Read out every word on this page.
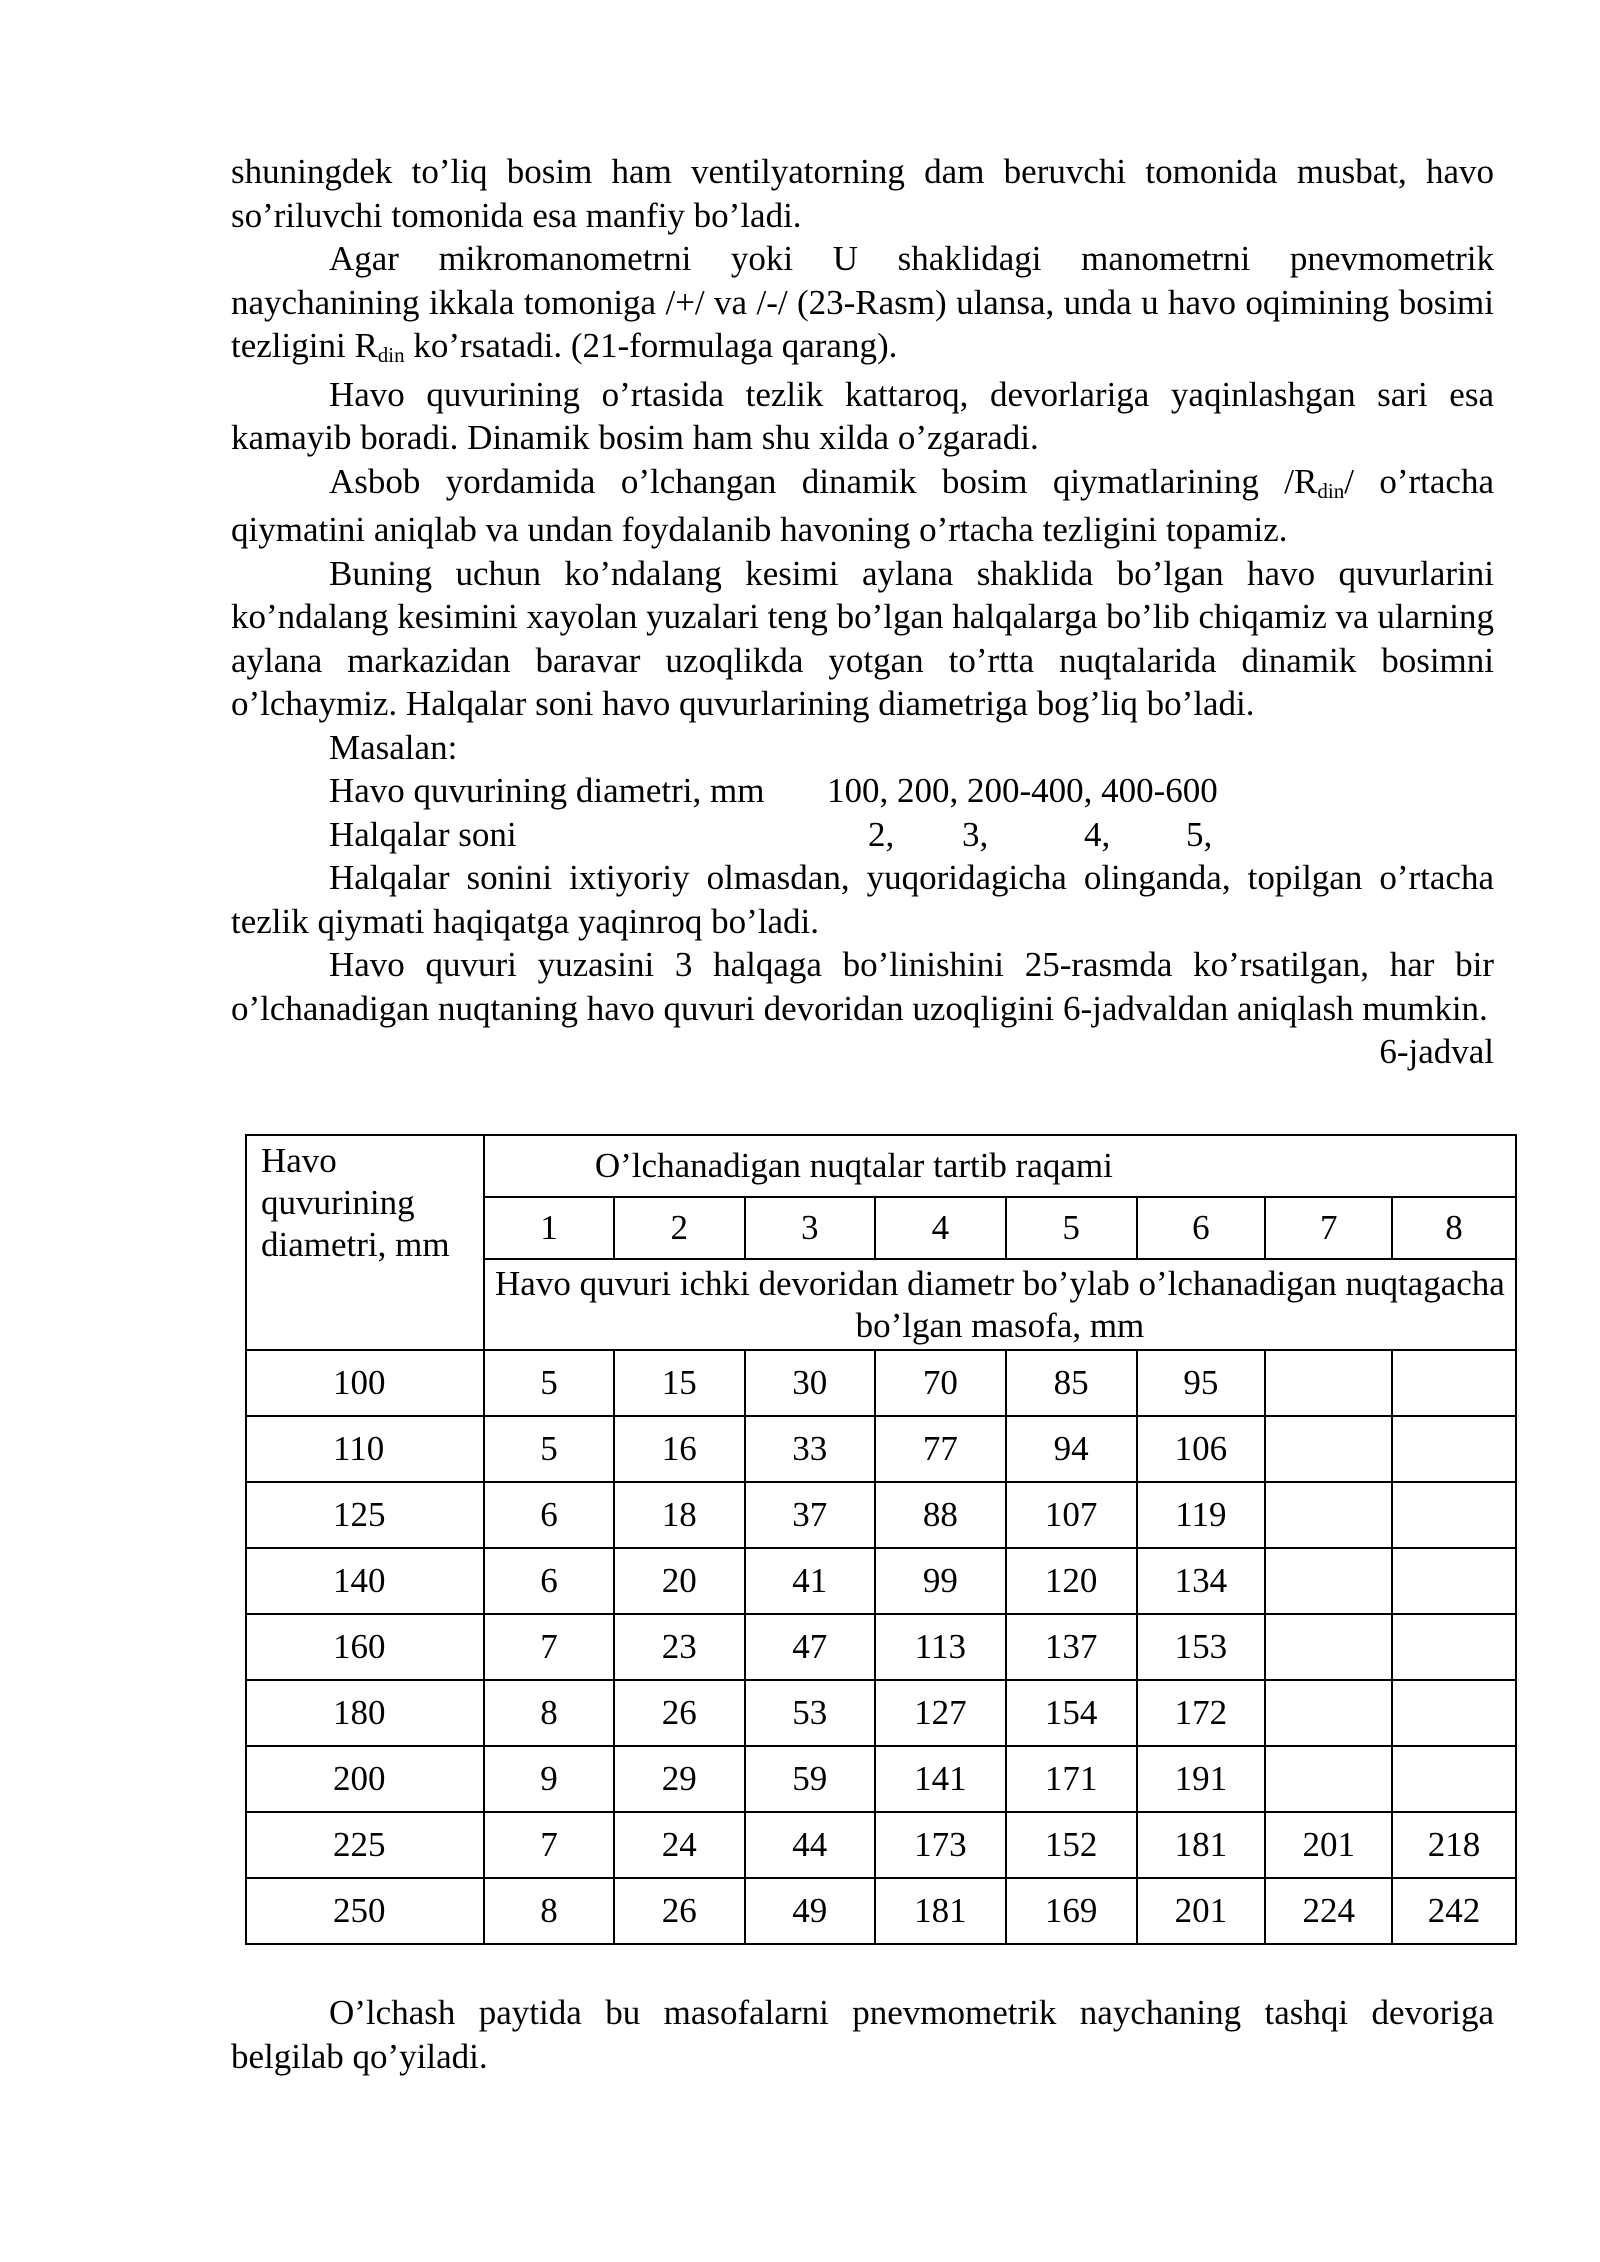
shuningdek to’liq bosim ham ventilyatorning dam beruvchi tomonida musbat, havo so’riluvchi tomonida esa manfiy bo’ladi.

Agar mikromanometrni yoki U shaklidagi manometrni pnevmometrik naychanining ikkala tomoniga /+/ va /-/ (23-Rasm) ulansa, unda u havo oqimining bosimi tezligini $R_{din}$ ko’rsatadi. (21-formulaga qarang).

Havo quvurining o’rtasida tezlik kattaroq, devorlariga yaqinlashgan sari esa kamayib boradi. Dinamik bosim ham shu xilda o’zgaradi.

Asbob yordamida o’lchangan dinamik bosim qiymatlarining $/R_{din}/$ o’rtacha qiymatini aniqlab va undan foydalanib havoning o’rtacha tezligini topamiz.

Buning uchun ko’ndalang kesimi aylana shaklida bo’lgan havo quvurlarini ko’ndalang kesimini xayolan yuzalari teng bo’lgan halqalarga bo’lib chiqamiz va ularning aylana markazidan baravar uzoqlikda yotgan to’rtta nuqtalarida dinamik bosimni o’lchaymiz. Halqalar soni havo quvurlarining diametriga bog’liq bo’ladi.

Masalan:

Havo quvurining diametri, mm 100, 200, 200-400, 400-600
Halqalar soni	2, 3,	4, 5,

Halqalar sonini ixtiyoriy olmasdan, yuqoridagicha olinganda, topilgan o’rtacha tezlik qiymati haqiqatga yaqinroq bo’ladi.

Havo quvuri yuzasini 3 halqaga bo’linishini 25-rasmda ko’rsatilgan, har bir o’lchanadigan nuqtaning havo quvuri devoridan uzoqligini 6-jadvaldan aniqlash mumkin.

6-jadval
Havo quvurining diametri, mm	O’lchanadigan nuqtalar tartib raqami							
	1	2	3	4	5	6	7	8
	Havo quvuri ichki devoridan diametr bo’ylab o’lchanadigan nuqtagacha bo’lgan masofa, mm							
100	5	15	30	70	85	95		
110	5	16	33	77	94	106		
125	6	18	37	88	107	119		
140	6	20	41	99	120	134		
160	7	23	47	113	137	153		
180	8	26	53	127	154	172		
200	9	29	59	141	171	191		
225	7	24	44	173	152	181	201	218
250	8	26	49	181	169	201	224	242

O’lchash paytida bu masofalarni pnevmometrik naychaning tashqi devoriga belgilab qo’yiladi.
